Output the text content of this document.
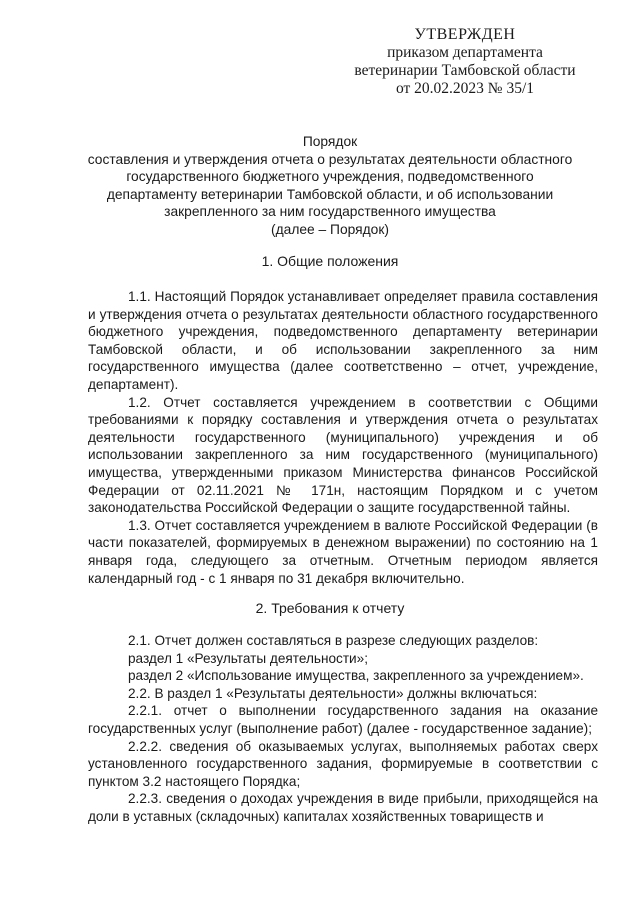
УТВЕРЖДЕН
приказом департамента
ветеринарии Тамбовской области
от 20.02.2023 № 35/1
Порядок
составления и утверждения отчета о результатах деятельности областного
государственного бюджетного учреждения, подведомственного
департаменту ветеринарии Тамбовской области, и об использовании
закрепленного за ним государственного имущества
(далее – Порядок)
1. Общие положения

1.1. Настоящий Порядок устанавливает определяет правила составления и утверждения отчета о результатах деятельности областного государственного бюджетного учреждения, подведомственного департаменту ветеринарии Тамбовской области, и об использовании закрепленного за ним государственного имущества (далее соответственно – отчет, учреждение, департамент).

1.2. Отчет составляется учреждением в соответствии с Общими требованиями к порядку составления и утверждения отчета о результатах деятельности государственного (муниципального) учреждения и об использовании закрепленного за ним государственного (муниципального) имущества, утвержденными приказом Министерства финансов Российской Федерации от 02.11.2021 № 171н, настоящим Порядком и с учетом законодательства Российской Федерации о защите государственной тайны.

1.3. Отчет составляется учреждением в валюте Российской Федерации (в части показателей, формируемых в денежном выражении) по состоянию на 1 января года, следующего за отчетным. Отчетным периодом является календарный год - с 1 января по 31 декабря включительно.

2. Требования к отчету

2.1. Отчет должен составляться в разрезе следующих разделов:

раздел 1 «Результаты деятельности»;

раздел 2 «Использование имущества, закрепленного за учреждением».

2.2. В раздел 1 «Результаты деятельности» должны включаться:

2.2.1. отчет о выполнении государственного задания на оказание государственных услуг (выполнение работ) (далее - государственное задание);

2.2.2. сведения об оказываемых услугах, выполняемых работах сверх установленного государственного задания, формируемые в соответствии с пунктом 3.2 настоящего Порядка;

2.2.3. сведения о доходах учреждения в виде прибыли, приходящейся на доли в уставных (складочных) капиталах хозяйственных товариществ и
